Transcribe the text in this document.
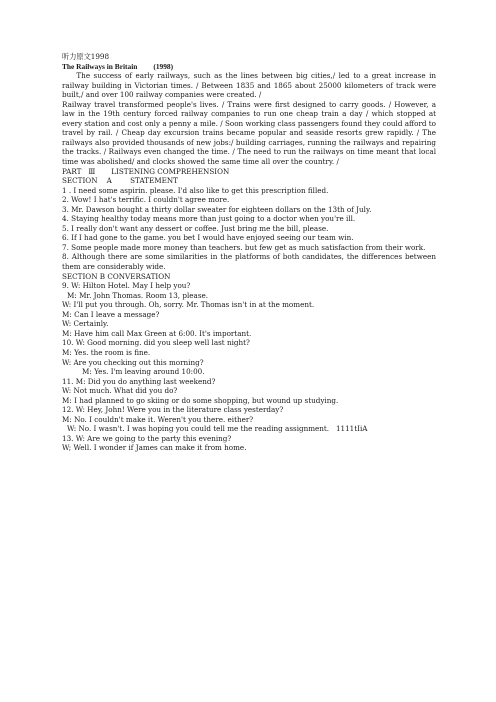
听力原文1998

The Railways in Britain (1998)

The success of early railways, such as the lines between big cities,/ led to a great increase in railway building in Victorian times. / Between 1835 and 1865 about 25000 kilometers of track were built,/ and over 100 railway companies were created. /

Railway travel transformed people's lives. / Trains were first designed to carry goods. / However, a law in the 19th century forced railway companies to run one cheap train a day / which stopped at every station and cost only a penny a mile. / Soon working class passengers found they could afford to travel by rail. / Cheap day excursion trains became popular and seaside resorts grew rapidly. / The railways also provided thousands of new jobs:/ building carriages, running the railways and repairing the tracks. / Railways even changed the time. / The need to run the railways on time meant that local time was abolished/ and clocks showed the same time all over the country. /

PART Ⅲ LISTENING COMPREHENSION

SECTION A	STATEMENT

1 . I need some aspirin. please. I'd also like to get this prescription filled.

2. Wow! I hat's terrific. I couldn't agree more.

3. Mr. Dawson bought a thirty dollar sweater for eighteen dollars on the 13th of July.

4. Staying healthy today means more than just going to a doctor when you're ill.

5. I really don't want any dessert or coffee. Just bring me the bill, please.

6. If I had gone to the game. you bet I would have enjoyed seeing our team win.

7. Some people made more money than teachers. but few get as much satisfaction from their work.

8. Although there are some similarities in the platforms of both candidates, the differences between them are considerably wide.

SECTION B CONVERSATION

9. W: Hilton Hotel. May I help you?

M: Mr. John Thomas. Room 13, please.

W: I'll put you through. Oh, sorry. Mr. Thomas isn't in at the moment.

M: Can I leave a message?

W: Certainly.

M: Have him call Max Green at 6:00. It's important.

10. W: Good morning. did you sleep well last night?

M: Yes. the room is fine.

W: Are you checking out this morning?

M: Yes. I'm leaving around 10:00.

11. M: Did you do anything last weekend?

W: Not much. What did you do?

M: I had planned to go skiing or do some shopping, but wound up studying.

12. W: Hey, John! Were you in the literature class yesterday?

M: No. I couldn't make it. Weren't you there. either?

W: No. I wasn't. I was hoping you could tell me the reading assignment. 1111tIiA

13. W: Are we going to the party this evening?

W; Well. I wonder if James can make it from home.
